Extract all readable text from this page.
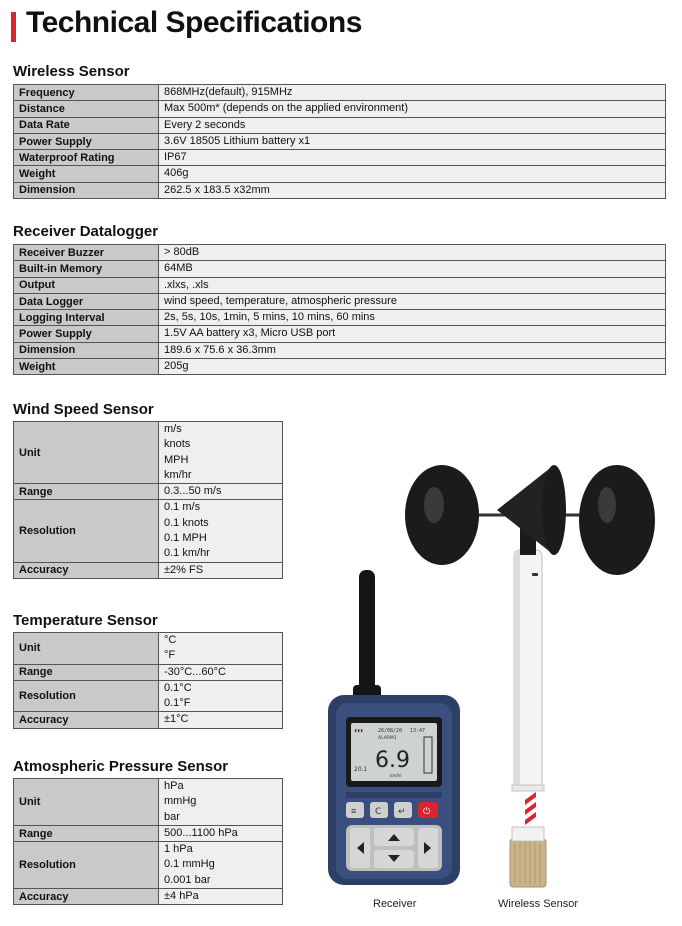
Technical Specifications
Wireless Sensor
Frequency	868MHz(default), 915MHz

Distance	Max 500m* (depends on the applied environment)

Data Rate	Every 2 seconds

Power Supply	3.6V 18505 Lithium battery x1

Waterproof Rating	IP67

Weight	406g

Dimension	262.5 x 183.5 x32mm
Receiver Datalogger
Receiver Buzzer	> 80dB

Built-in Memory	64MB

Output	.xlxs, .xls

Data Logger	wind speed, temperature, atmospheric pressure

Logging Interval	2s, 5s, 10s, 1min, 5 mins, 10 mins, 60 mins

Power Supply	1.5V AA battery x3, Micro USB port

Dimension	189.6 x 75.6 x 36.3mm

Weight	205g
Wind Speed Sensor
Unit	m/s
knots
MPH
km/hr

Range	0.3...50 m/s

Resolution	0.1 m/s
0.1 knots
0.1 MPH
0.1 km/hr

Accuracy	±2% FS
Temperature Sensor
Unit	°C
°F

Range	-30°C...60°C

Resolution	0.1°C
0.1°F

Accuracy	±1°C
Atmospheric Pressure Sensor
Unit	hPa
mmHg
bar

Range	500...1100 hPa

Resolution	1 hPa
0.1 mmHg
0.001 bar

Accuracy	±4 hPa
▮▮▮	26/08/20 13:47
ALARM1
6.9
20.1
km/hr
≡ C ↵ ⏻
Receiver	Wireless Sensor
